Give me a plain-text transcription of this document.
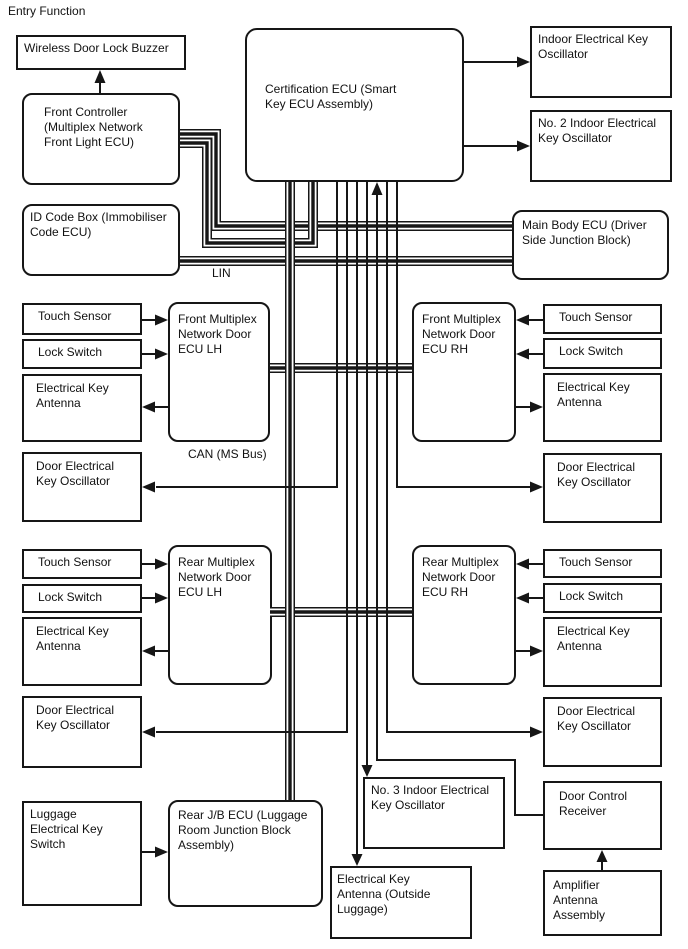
Entry Function
Wireless Door Lock Buzzer
Front Controller (Multiplex Network Front Light ECU)
Certification ECU (Smart Key ECU Assembly)
Indoor Electrical Key Oscillator
No. 2 Indoor Electrical Key Oscillator
ID Code Box (Immobiliser Code ECU)	Main Body ECU (Driver Side Junction Block)
Touch Sensor
Lock Switch
Electrical Key Antenna
Door Electrical Key Oscillator
Front Multiplex Network Door ECU LH
Front Multiplex Network Door ECU RH
Touch Sensor
Lock Switch
Electrical Key Antenna
Door Electrical Key Oscillator
Touch Sensor
Lock Switch
Electrical Key Antenna
Door Electrical Key Oscillator
Rear Multiplex Network Door ECU LH
Rear Multiplex Network Door ECU RH
Touch Sensor
Lock Switch
Electrical Key Antenna
Door Electrical Key Oscillator
Luggage Electrical Key Switch
Rear J/B ECU (Luggage Room Junction Block Assembly)
No. 3 Indoor Electrical Key Oscillator
Door Control Receiver
Electrical Key Antenna (Outside Luggage)
Amplifier Antenna Assembly
LIN
CAN (MS Bus)
